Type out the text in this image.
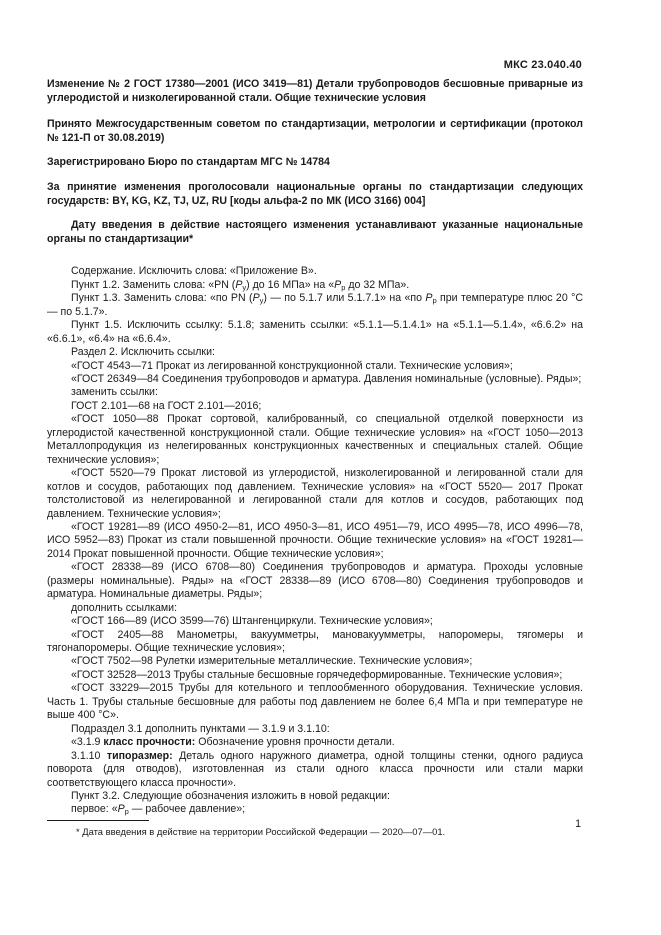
МКС 23.040.40
Изменение № 2 ГОСТ 17380—2001 (ИСО 3419—81) Детали трубопроводов бесшовные приварные из углеродистой и низколегированной стали. Общие технические условия
Принято Межгосударственным советом по стандартизации, метрологии и сертификации (протокол № 121-П от 30.08.2019)
Зарегистрировано Бюро по стандартам МГС № 14784
За принятие изменения проголосовали национальные органы по стандартизации следующих государств: BY, KG, KZ, TJ, UZ, RU [коды альфа-2 по МК (ИСО 3166) 004]
Дату введения в действие настоящего изменения устанавливают указанные национальные органы по стандартизации*

Содержание. Исключить слова: «Приложение В».

Пункт 1.2. Заменить слова: «PN $(P_y)$ до 16 МПа» на «$P_p$ до 32 МПа».

Пункт 1.3. Заменить слова: «по PN $(P_y)$ — по 5.1.7 или 5.1.7.1» на «по $P_p$ при температуре плюс 20 °С — по 5.1.7».

Пункт 1.5. Исключить ссылку: 5.1.8; заменить ссылки: «5.1.1—5.1.4.1» на «5.1.1—5.1.4», «6.6.2» на «6.6.1», «6.4» на «6.6.4».

Раздел 2. Исключить ссылки:

«ГОСТ 4543—71 Прокат из легированной конструкционной стали. Технические условия»;

«ГОСТ 26349—84 Соединения трубопроводов и арматура. Давления номинальные (условные). Ряды»;

заменить ссылки:

ГОСТ 2.101—68 на ГОСТ 2.101—2016;

«ГОСТ 1050—88 Прокат сортовой, калиброванный, со специальной отделкой поверхности из углеродистой качественной конструкционной стали. Общие технические условия» на «ГОСТ 1050—2013 Металлопродукция из нелегированных конструкционных качественных и специальных сталей. Общие технические условия»;

«ГОСТ 5520—79 Прокат листовой из углеродистой, низколегированной и легированной стали для котлов и сосудов, работающих под давлением. Технические условия» на «ГОСТ 5520— 2017 Прокат толстолистовой из нелегированной и легированной стали для котлов и сосудов, работающих под давлением. Технические условия»;

«ГОСТ 19281—89 (ИСО 4950-2—81, ИСО 4950-3—81, ИСО 4951—79, ИСО 4995—78, ИСО 4996—78, ИСО 5952—83) Прокат из стали повышенной прочности. Общие технические условия» на «ГОСТ 19281—2014 Прокат повышенной прочности. Общие технические условия»;

«ГОСТ 28338—89 (ИСО 6708—80) Соединения трубопроводов и арматура. Проходы условные (размеры номинальные). Ряды» на «ГОСТ 28338—89 (ИСО 6708—80) Соединения трубопроводов и арматура. Номинальные диаметры. Ряды»;

дополнить ссылками:

«ГОСТ 166—89 (ИСО 3599—76) Штангенциркули. Технические условия»;

«ГОСТ 2405—88 Манометры, вакуумметры, мановакуумметры, напоромеры, тягомеры и тягонапоромеры. Общие технические условия»;

«ГОСТ 7502—98 Рулетки измерительные металлические. Технические условия»;

«ГОСТ 32528—2013 Трубы стальные бесшовные горячедеформированные. Технические условия»;

«ГОСТ 33229—2015 Трубы для котельного и теплообменного оборудования. Технические условия. Часть 1. Трубы стальные бесшовные для работы под давлением не более 6,4 МПа и при температуре не выше 400 °С».

Подраздел 3.1 дополнить пунктами — 3.1.9 и 3.1.10:

«3.1.9 класс прочности: Обозначение уровня прочности детали.

3.1.10 типоразмер: Деталь одного наружного диаметра, одной толщины стенки, одного радиуса поворота (для отводов), изготовленная из стали одного класса прочности или стали марки соответствующего класса прочности».

Пункт 3.2. Следующие обозначения изложить в новой редакции:

первое: «$P_p$ — рабочее давление»;

* Дата введения в действие на территории Российской Федерации — 2020—07—01.
1
